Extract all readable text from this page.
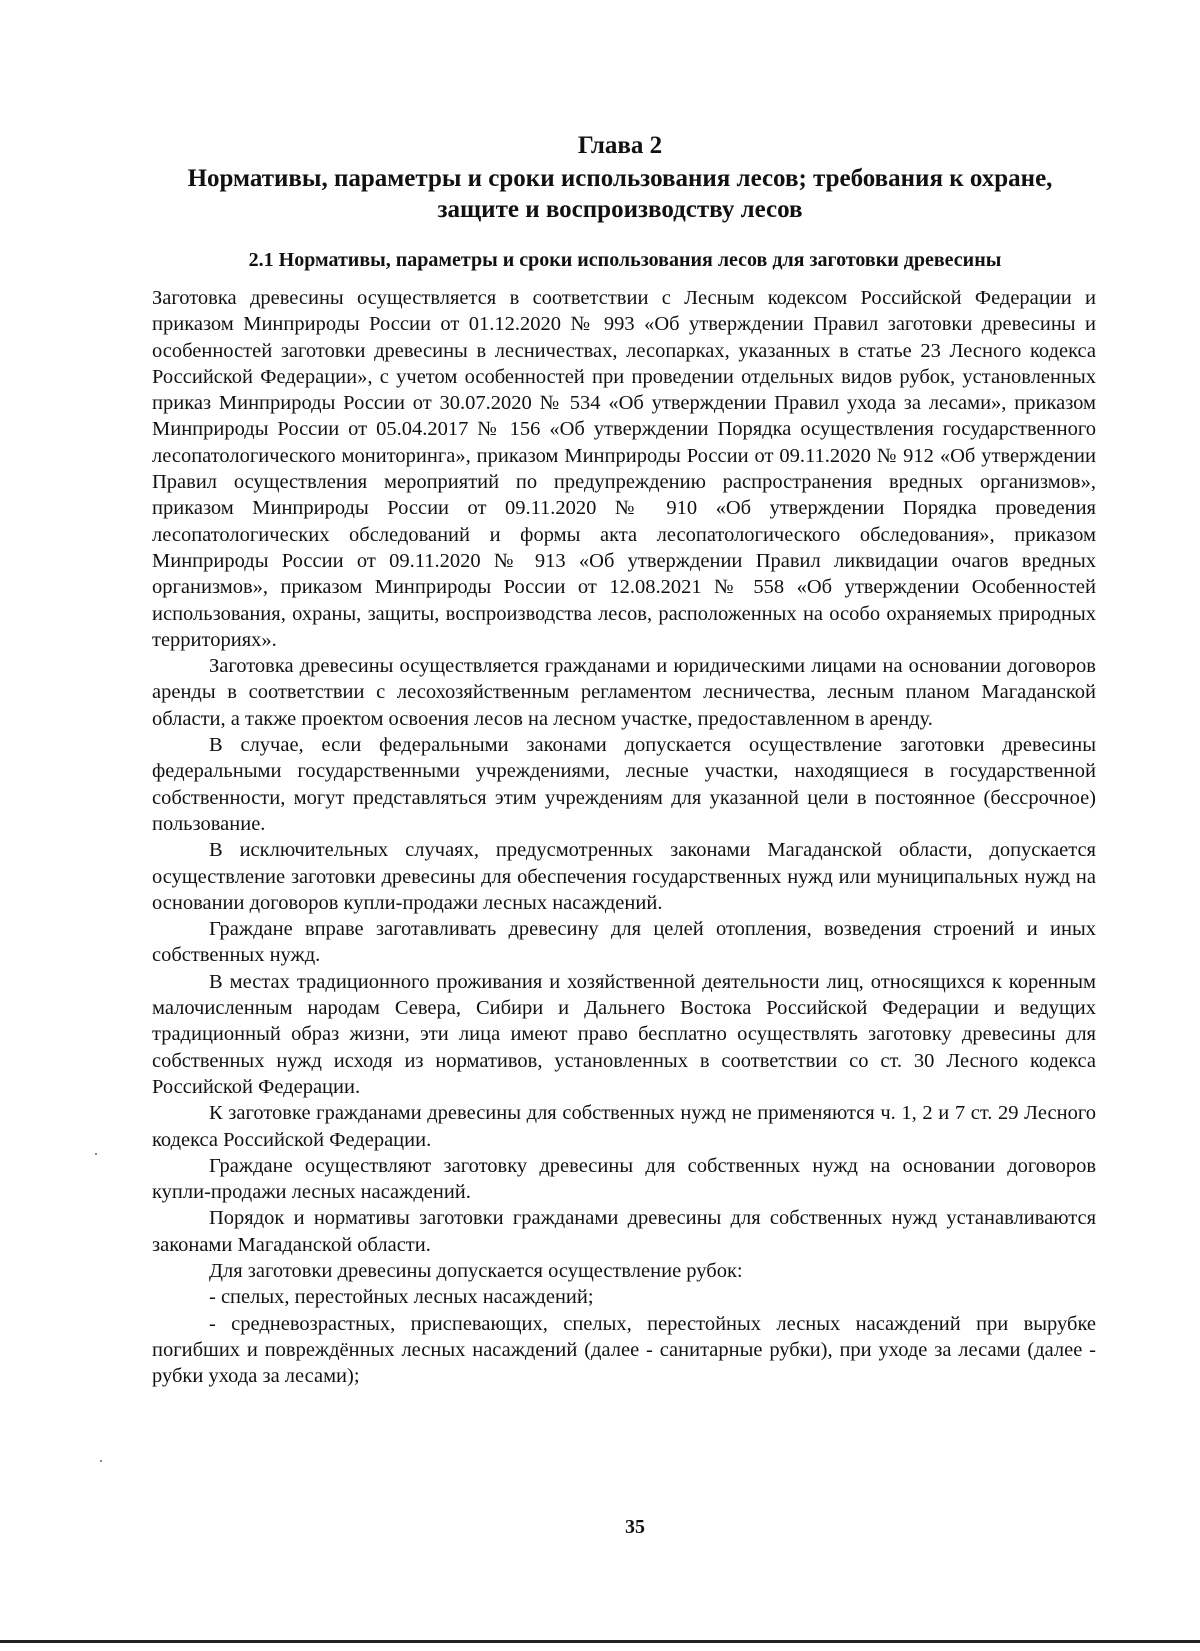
Глава 2
Нормативы, параметры и сроки использования лесов; требования к охране,
защите и воспроизводству лесов
2.1 Нормативы, параметры и сроки использования лесов для заготовки древесины

Заготовка древесины осуществляется в соответствии с Лесным кодексом Российской Федерации и приказом Минприроды России от 01.12.2020 № 993 «Об утверждении Правил заготовки древесины и особенностей заготовки древесины в лесничествах, лесопарках, указанных в статье 23 Лесного кодекса Российской Федерации», с учетом особенностей при проведении отдельных видов рубок, установленных приказ Минприроды России от 30.07.2020 № 534 «Об утверждении Правил ухода за лесами», приказом Минприроды России от 05.04.2017 № 156 «Об утверждении Порядка осуществления государственного лесопатологического мониторинга», приказом Минприроды России от 09.11.2020 № 912 «Об утверждении Правил осуществления мероприятий по предупреждению распространения вредных организмов», приказом Минприроды России от 09.11.2020 № 910 «Об утверждении Порядка проведения лесопатологических обследований и формы акта лесопатологического обследования», приказом Минприроды России от 09.11.2020 № 913 «Об утверждении Правил ликвидации очагов вредных организмов», приказом Минприроды России от 12.08.2021 № 558 «Об утверждении Особенностей использования, охраны, защиты, воспроизводства лесов, расположенных на особо охраняемых природных территориях».

Заготовка древесины осуществляется гражданами и юридическими лицами на основании договоров аренды в соответствии с лесохозяйственным регламентом лесничества, лесным планом Магаданской области, а также проектом освоения лесов на лесном участке, предоставленном в аренду.

В случае, если федеральными законами допускается осуществление заготовки древесины федеральными государственными учреждениями, лесные участки, находящиеся в государственной собственности, могут представляться этим учреждениям для указанной цели в постоянное (бессрочное) пользование.

В исключительных случаях, предусмотренных законами Магаданской области, допускается осуществление заготовки древесины для обеспечения государственных нужд или муниципальных нужд на основании договоров купли-продажи лесных насаждений.

Граждане вправе заготавливать древесину для целей отопления, возведения строений и иных собственных нужд.

В местах традиционного проживания и хозяйственной деятельности лиц, относящихся к коренным малочисленным народам Севера, Сибири и Дальнего Востока Российской Федерации и ведущих традиционный образ жизни, эти лица имеют право бесплатно осуществлять заготовку древесины для собственных нужд исходя из нормативов, установленных в соответствии со ст. 30 Лесного кодекса Российской Федерации.

К заготовке гражданами древесины для собственных нужд не применяются ч. 1, 2 и 7 ст. 29 Лесного кодекса Российской Федерации.

Граждане осуществляют заготовку древесины для собственных нужд на основании договоров купли-продажи лесных насаждений.

Порядок и нормативы заготовки гражданами древесины для собственных нужд устанавливаются законами Магаданской области.

Для заготовки древесины допускается осуществление рубок:

- спелых, перестойных лесных насаждений;

- средневозрастных, приспевающих, спелых, перестойных лесных насаждений при вырубке погибших и повреждённых лесных насаждений (далее - санитарные рубки), при уходе за лесами (далее - рубки ухода за лесами);

35
